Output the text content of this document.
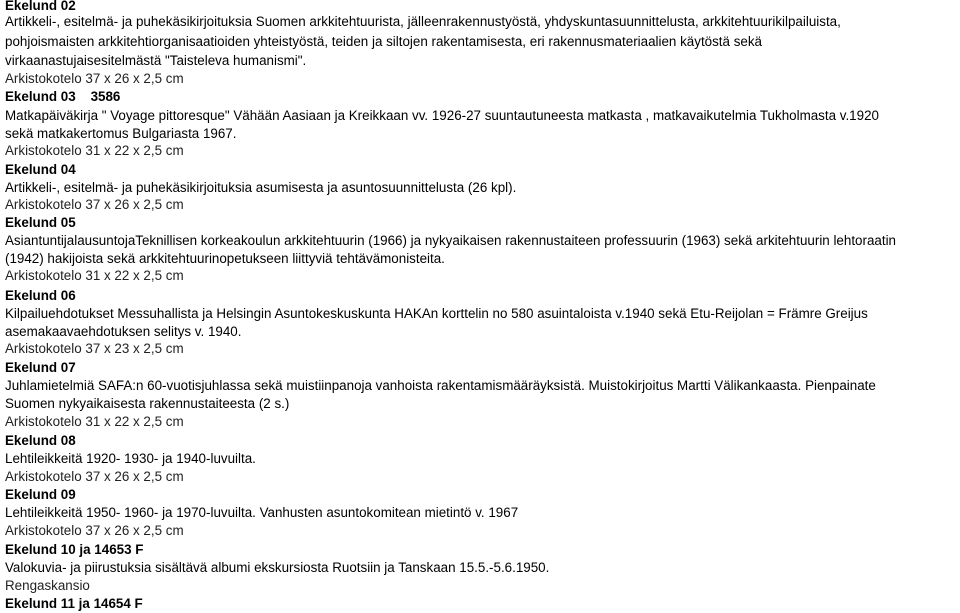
Ekelund 02
Artikkeli-, esitelmä- ja puhekäsikirjoituksia Suomen arkkitehtuurista, jälleenrakennustyöstä, yhdyskuntasuunnittelusta, arkkitehtuurikilpailuista,
pohjoismaisten arkkitehtiorganisaatioiden yhteistyöstä, teiden ja siltojen rakentamisesta, eri rakennusmateriaalien käytöstä sekä
virkaanastujaisesitelmästä "Taisteleva humanismi".
Arkistokotelo 37 x 26 x 2,5 cm
Ekelund 03    3586
Matkapäiväkirja " Voyage pittoresque" Vähään Aasiaan ja Kreikkaan vv. 1926-27 suuntautuneesta matkasta , matkavaikutelmia Tukholmasta v.1920
sekä matkakertomus Bulgariasta 1967.
Arkistokotelo 31 x 22 x 2,5 cm
Ekelund 04
Artikkeli-, esitelmä- ja puhekäsikirjoituksia asumisesta ja asuntosuunnittelusta (26 kpl).
Arkistokotelo 37 x 26 x 2,5 cm
Ekelund 05
AsiantuntijalausuntojaTeknillisen korkeakoulun arkkitehtuurin (1966) ja nykyaikaisen rakennustaiteen professuurin (1963) sekä arkitehtuurin lehtoraatin
(1942) hakijoista sekä arkkitehtuurinopetukseen liittyviä tehtävämonisteita.
Arkistokotelo 31 x 22 x 2,5 cm
Ekelund 06
Kilpailuehdotukset Messuhallista ja Helsingin Asuntokeskuskunta HAKAn korttelin no 580 asuintaloista v.1940 sekä Etu-Reijolan = Främre Greijus
asemakaavaehdotuksen selitys v. 1940.
Arkistokotelo 37 x 23 x 2,5 cm
Ekelund 07
Juhlamietelmiä SAFA:n 60-vuotisjuhlassa sekä muistiinpanoja vanhoista rakentamismääräyksistä. Muistokirjoitus Martti Välikankaasta. Pienpainate
Suomen nykyaikaisesta rakennustaiteesta (2 s.)
Arkistokotelo 31 x 22 x 2,5 cm
Ekelund 08
Lehtileikkeitä 1920- 1930- ja 1940-luvuilta.
Arkistokotelo 37 x 26 x 2,5 cm
Ekelund 09
Lehtileikkeitä 1950- 1960- ja 1970-luvuilta. Vanhusten asuntokomitean mietintö v. 1967
Arkistokotelo 37 x 26 x 2,5 cm
Ekelund 10 ja 14653 F
Valokuvia- ja piirustuksia sisältävä albumi ekskursiosta Ruotsiin ja Tanskaan 15.5.-5.6.1950.
Rengaskansio
Ekelund 11 ja 14654 F
